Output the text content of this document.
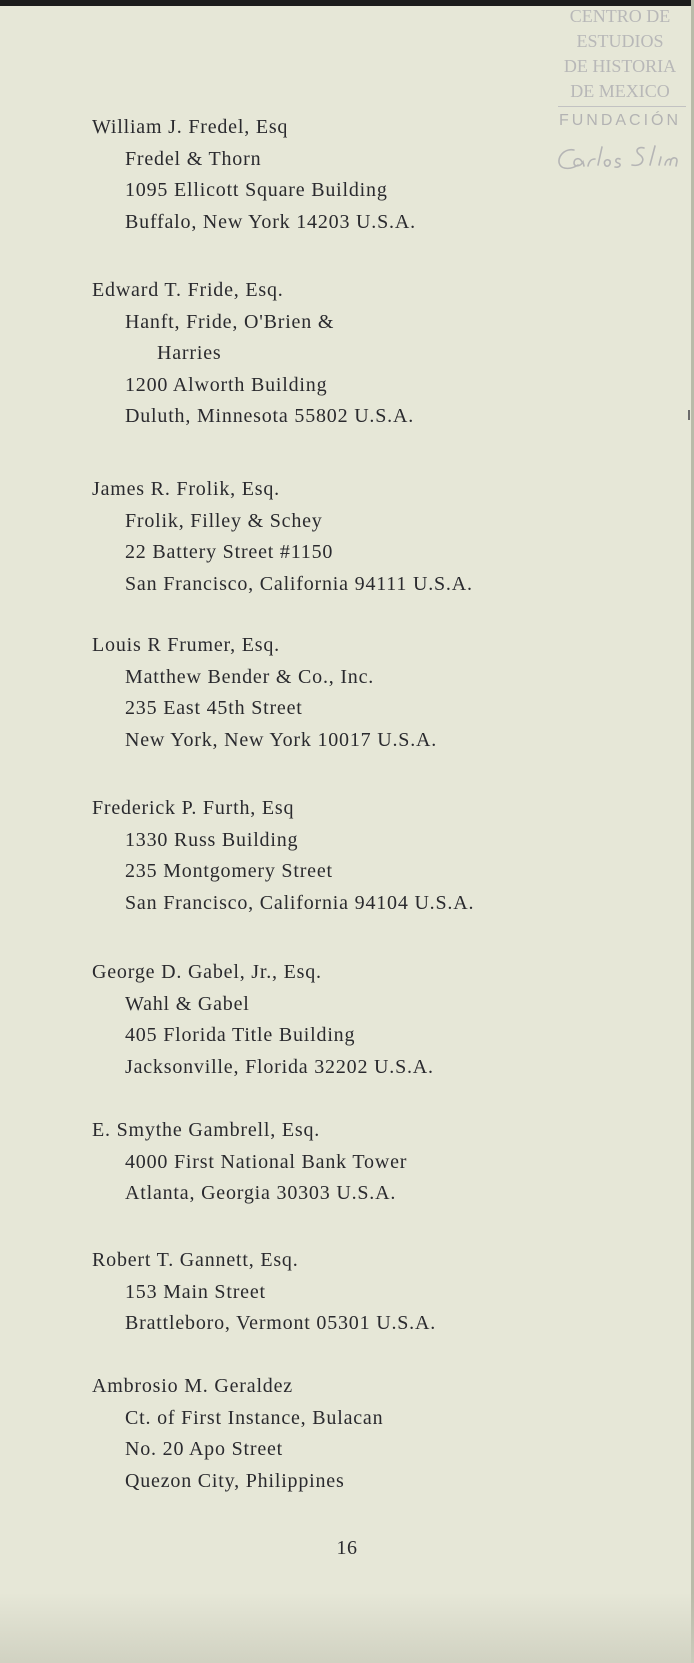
CENTRO DE
ESTUDIOS
DE HISTORIA
DE MEXICO
FUNDACIÓN
William J. Fredel, Esq
Fredel & Thorn
1095 Ellicott Square Building
Buffalo, New York 14203 U.S.A.
Edward T. Fride, Esq.
Hanft, Fride, O'Brien &
Harries
1200 Alworth Building
Duluth, Minnesota 55802 U.S.A.
James R. Frolik, Esq.
Frolik, Filley & Schey
22 Battery Street #1150
San Francisco, California 94111 U.S.A.
Louis R Frumer, Esq.
Matthew Bender & Co., Inc.
235 East 45th Street
New York, New York 10017 U.S.A.
Frederick P. Furth, Esq
1330 Russ Building
235 Montgomery Street
San Francisco, California 94104 U.S.A.
George D. Gabel, Jr., Esq.
Wahl & Gabel
405 Florida Title Building
Jacksonville, Florida 32202 U.S.A.
E. Smythe Gambrell, Esq.
4000 First National Bank Tower
Atlanta, Georgia 30303 U.S.A.
Robert T. Gannett, Esq.
153 Main Street
Brattleboro, Vermont 05301 U.S.A.
Ambrosio M. Geraldez
Ct. of First Instance, Bulacan
No. 20 Apo Street
Quezon City, Philippines
16
